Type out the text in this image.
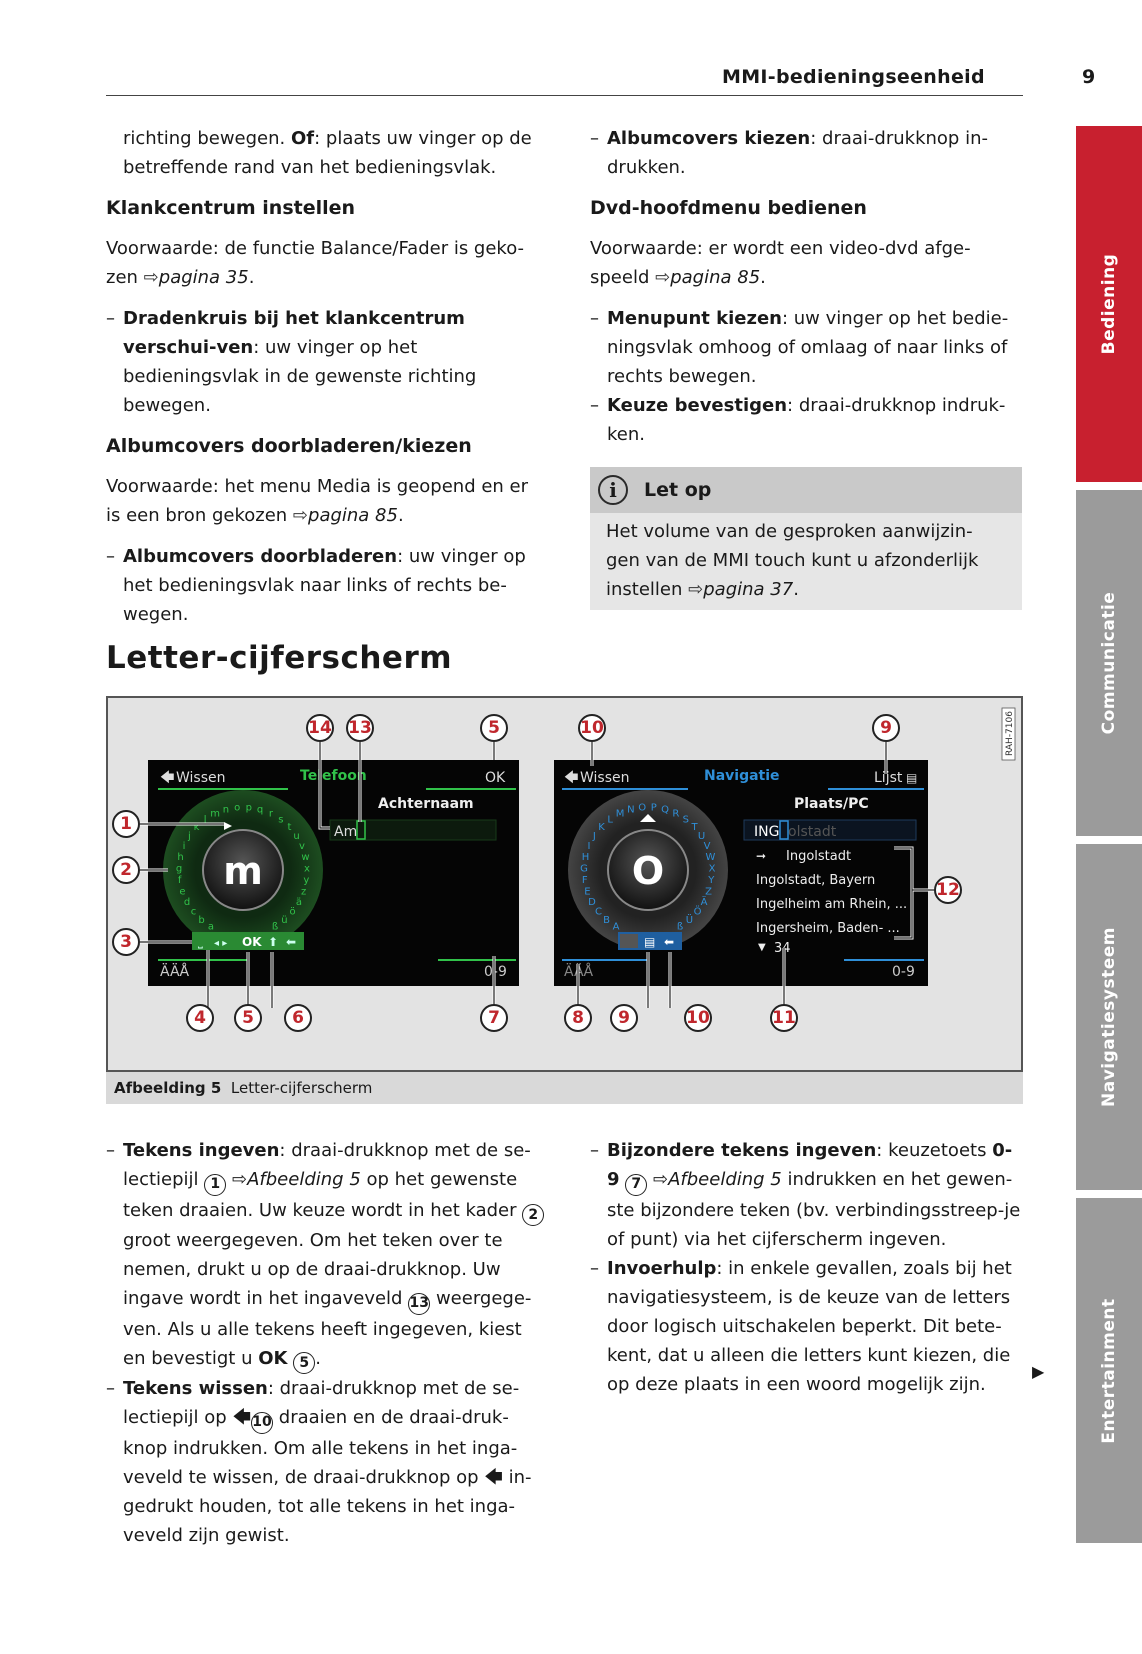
MMI-bedieningseenheid	9
Bediening
Communicatie
Navigatiesysteem
Entertainment

richting bewegen. Of: plaats uw vinger op de betreffende rand van het bedieningsvlak.

Klankcentrum instellen

Voorwaarde: de functie Balance/Fader is geko-
zen ⇨pagina 35.

– Dradenkruis bij het klankcentrum verschui-ven: uw vinger op het bedieningsvlak in de gewenste richting bewegen.
Albumcovers doorbladeren/kiezen

Voorwaarde: het menu Media is geopend en er is een bron gekozen ⇨pagina 85.

– Albumcovers doorbladeren: uw vinger op het bedieningsvlak naar links of rechts be-wegen.
– Albumcovers kiezen: draai-drukknop in-drukken.
Dvd-hoofdmenu bedienen

Voorwaarde: er wordt een video-dvd afge-speeld ⇨pagina 85.

– Menupunt kiezen: uw vinger op het bedie-ningsvlak omhoog of omlaag of naar links of rechts bewegen.
– Keuze bevestigen: draai-drukknop indruk-ken.
i	Let op
Het volume van de gesproken aanwijzin-gen van de MMI touch kunt u afzonderlijk instellen ⇨pagina 37.
Letter-cijferscherm
RAH-7106
🡄 Wissen	Telefoon	OK
Achternaam
Am
m
a
b
c
d
e
f
g
h
i
j
k
l
m n o p q r
s
t
u
v
w
x
y
z
ä
ö
ü
ß
⎵ ◂ ▸ OK ⬆ ⬅
ÄÄÅ	0-9
🡄 Wissen	Navigatie	Lijst ▤
Plaats/PC
ING olstadt
➞ Ingolstadt
Ingolstadt, Bayern
Ingelheim am Rhein, ...
Ingersheim, Baden- ...
▼ 34
O
A
B
C
D
E
F
G
H
I
J
K
L
M N O P Q R
S
T
U
V
W
X
Y
Z
Ä
Ö
Ü
ß
▤ ⬅
ÄÄÅ	0-9
1
2
3
4	5	6	7
14 13	5	10	9
8	9	10	11
12
Afbeelding 5 Letter-cijferscherm
– Tekens ingeven: draai-drukknop met de se-lectiepijl 1 ⇨Afbeelding 5 op het gewenste teken draaien. Uw keuze wordt in het kader 2 groot weergegeven. Om het teken over te nemen, drukt u op de draai-drukknop. Uw ingave wordt in het ingaveveld 13 weergege-ven. Als u alle tekens heeft ingegeven, kiest en bevestigt u OK 5 .
– Tekens wissen: draai-drukknop met de se-lectiepijl op 🡄10 draaien en de draai-druk-knop indrukken. Om alle tekens in het inga-veveld te wissen, de draai-drukknop op 🡄 in-gedrukt houden, tot alle tekens in het inga-veveld zijn gewist.
– Bijzondere tekens ingeven: keuzetoets 0-9 7 ⇨Afbeelding 5 indrukken en het gewen-ste bijzondere teken (bv. verbindingsstreep-je of punt) via het cijferscherm ingeven.
– Invoerhulp: in enkele gevallen, zoals bij het navigatiesysteem, is de keuze van de letters door logisch uitschakelen beperkt. Dit bete-kent, dat u alleen die letters kunt kiezen, die op deze plaats in een woord mogelijk zijn.
▶
